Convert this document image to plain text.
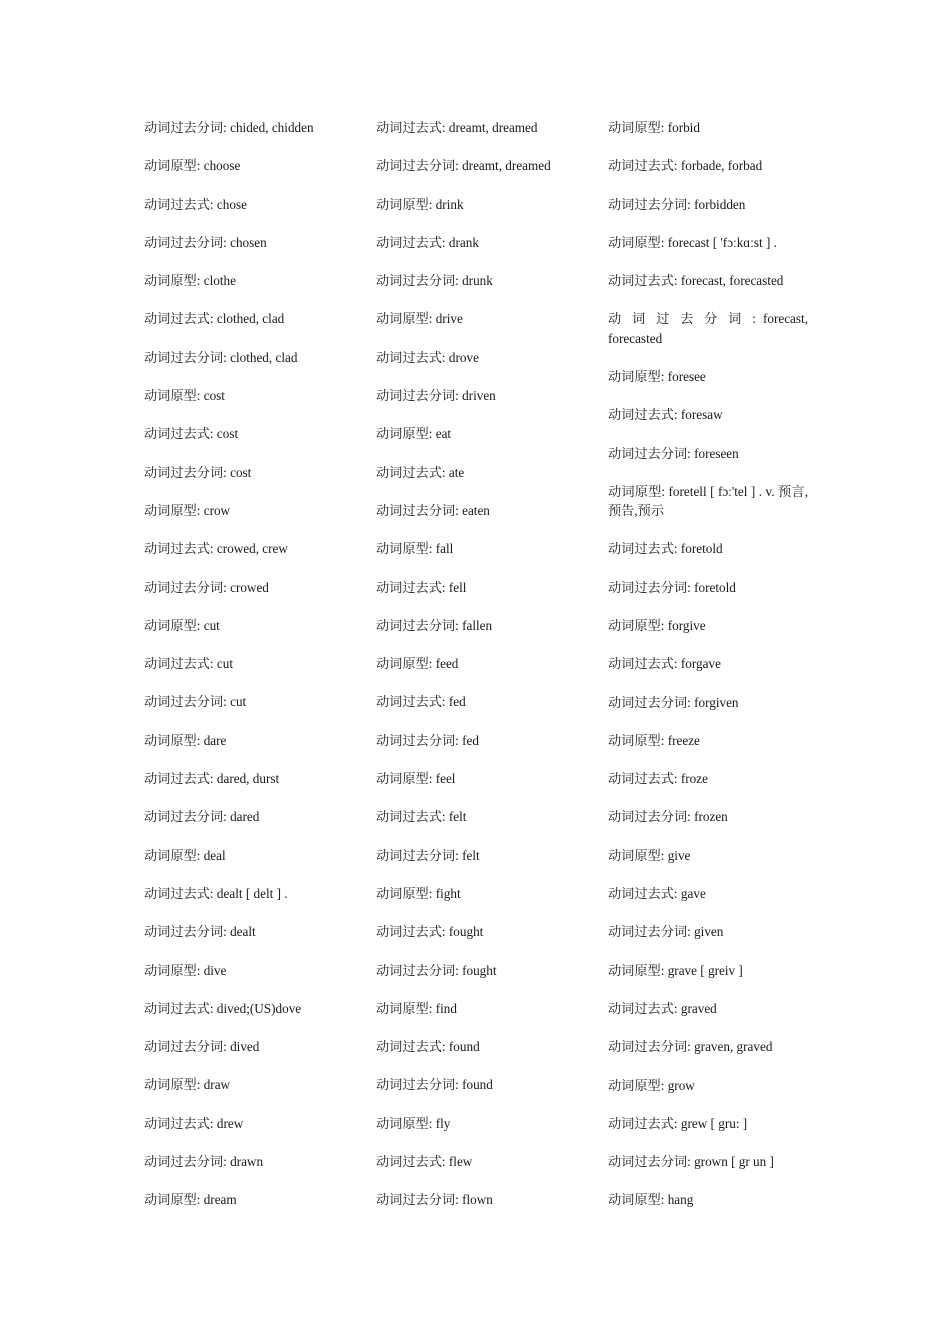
动词过去分词: chided, chidden
动词原型: choose
动词过去式: chose
动词过去分词: chosen
动词原型: clothe
动词过去式: clothed, clad
动词过去分词: clothed, clad
动词原型: cost
动词过去式: cost
动词过去分词: cost
动词原型: crow
动词过去式: crowed, crew
动词过去分词: crowed
动词原型: cut
动词过去式: cut
动词过去分词: cut
动词原型: dare
动词过去式: dared, durst
动词过去分词: dared
动词原型: deal
动词过去式: dealt [ delt ] .
动词过去分词: dealt
动词原型: dive
动词过去式: dived;(US)dove
动词过去分词: dived
动词原型: draw
动词过去式: drew
动词过去分词: drawn
动词原型: dream
动词过去式: dreamt, dreamed
动词过去分词: dreamt, dreamed
动词原型: drink
动词过去式: drank
动词过去分词: drunk
动词原型: drive
动词过去式: drove
动词过去分词: driven
动词原型: eat
动词过去式: ate
动词过去分词: eaten
动词原型: fall
动词过去式: fell
动词过去分词: fallen
动词原型: feed
动词过去式: fed
动词过去分词: fed
动词原型: feel
动词过去式: felt
动词过去分词: felt
动词原型: fight
动词过去式: fought
动词过去分词: fought
动词原型: find
动词过去式: found
动词过去分词: found
动词原型: fly
动词过去式: flew
动词过去分词: flown
动词原型: forbid
动词过去式: forbade, forbad
动词过去分词: forbidden
动词原型: forecast [ 'fɔːkɑːst ] .
动词过去式: forecast, forecasted
动 词 过 去 分 词 : forecast, forecasted
动词原型: foresee
动词过去式: foresaw
动词过去分词: foreseen
动词原型: foretell [ fɔː'tel ] . v. 预言,预告,预示
动词过去式: foretold
动词过去分词: foretold
动词原型: forgive
动词过去式: forgave
动词过去分词: forgiven
动词原型: freeze
动词过去式: froze
动词过去分词: frozen
动词原型: give
动词过去式: gave
动词过去分词: given
动词原型: grave [ greiv ]
动词过去式: graved
动词过去分词: graven, graved
动词原型: grow
动词过去式: grew [ gru: ]
动词过去分词: grown [ gr un ]
动词原型: hang
